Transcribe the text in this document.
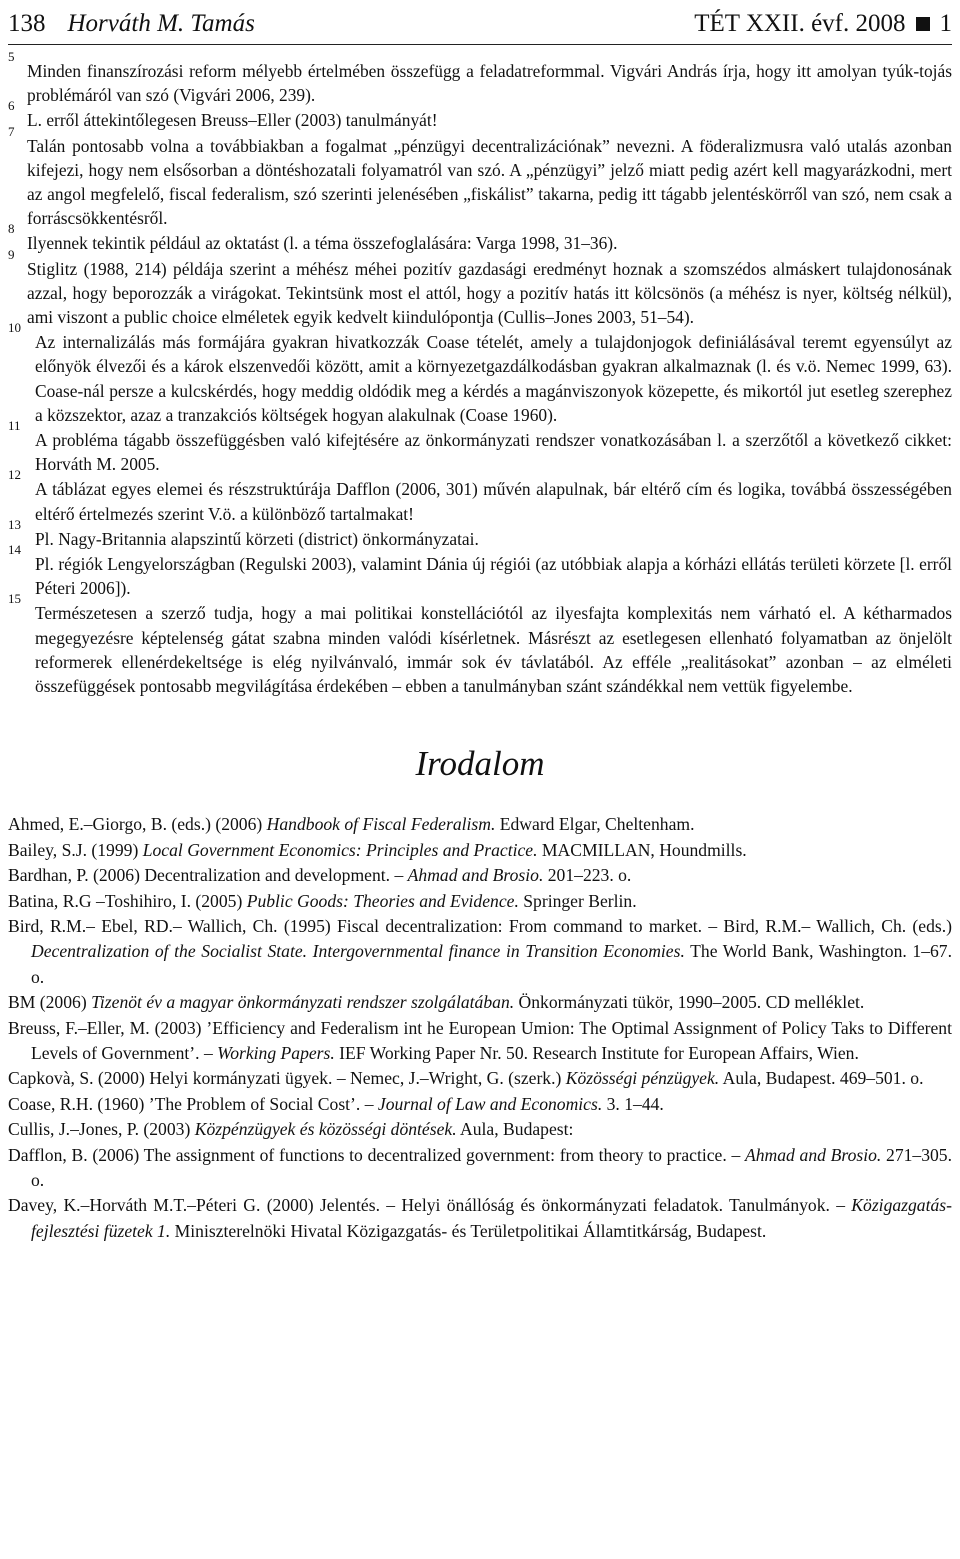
138 Horváth M. Tamás	TÉT XXII. évf. 2008 1
5
Minden finanszírozási reform mélyebb értelmében összefügg a feladatreformmal. Vigvári András írja, hogy itt amolyan tyúk-tojás problémáról van szó (Vigvári 2006, 239).
6
L. erről áttekintőlegesen Breuss–Eller (2003) tanulmányát!
7
Talán pontosabb volna a továbbiakban a fogalmat „pénzügyi decentralizációnak” nevezni. A föderalizmusra való utalás azonban kifejezi, hogy nem elsősorban a döntéshozatali folyamatról van szó. A „pénzügyi” jelző miatt pedig azért kell magyarázkodni, mert az angol megfelelő, fiscal federalism, szó szerinti jelenésében „fiskálist” takarna, pedig itt tágabb jelentéskörről van szó, nem csak a forráscsökkentésről.
8
Ilyennek tekintik például az oktatást (l. a téma összefoglalására: Varga 1998, 31–36).
9
Stiglitz (1988, 214) példája szerint a méhész méhei pozitív gazdasági eredményt hoznak a szomszédos almáskert tulajdonosának azzal, hogy beporozzák a virágokat. Tekintsünk most el attól, hogy a pozitív hatás itt kölcsönös (a méhész is nyer, költség nélkül), ami viszont a public choice elméletek egyik kedvelt kiindulópontja (Cullis–Jones 2003, 51–54).
10
Az internalizálás más formájára gyakran hivatkozzák Coase tételét, amely a tulajdonjogok definiálásával teremt egyensúlyt az előnyök élvezői és a károk elszenvedői között, amit a környezetgazdálkodásban gyakran alkalmaznak (l. és v.ö. Nemec 1999, 63). Coase-nál persze a kulcskérdés, hogy meddig oldódik meg a kérdés a magánviszonyok közepette, és mikortól jut esetleg szerephez a közszektor, azaz a tranzakciós költségek hogyan alakulnak (Coase 1960).
11
A probléma tágabb összefüggésben való kifejtésére az önkormányzati rendszer vonatkozásában l. a szerzőtől a következő cikket: Horváth M. 2005.
12
A táblázat egyes elemei és részstruktúrája Dafflon (2006, 301) művén alapulnak, bár eltérő cím és logika, továbbá összességében eltérő értelmezés szerint V.ö. a különböző tartalmakat!
13
Pl. Nagy-Britannia alapszintű körzeti (district) önkormányzatai.
14
Pl. régiók Lengyelországban (Regulski 2003), valamint Dánia új régiói (az utóbbiak alapja a kórházi ellátás területi körzete [l. erről Péteri 2006]).
15
Természetesen a szerző tudja, hogy a mai politikai konstellációtól az ilyesfajta komplexitás nem várható el. A kétharmados megegyezésre képtelenség gátat szabna minden valódi kísérletnek. Másrészt az esetlegesen ellenható folyamatban az önjelölt reformerek ellenérdekeltsége is elég nyilvánvaló, immár sok év távlatából. Az efféle „realitásokat” azonban – az elméleti összefüggések pontosabb megvilágítása érdekében – ebben a tanulmányban szánt szándékkal nem vettük figyelembe.
Irodalom

Ahmed, E.–Giorgo, B. (eds.) (2006) Handbook of Fiscal Federalism. Edward Elgar, Cheltenham.

Bailey, S.J. (1999) Local Government Economics: Principles and Practice. MACMILLAN, Houndmills.

Bardhan, P. (2006) Decentralization and development. – Ahmad and Brosio. 201–223. o.

Batina, R.G –Toshihiro, I. (2005) Public Goods: Theories and Evidence. Springer Berlin.

Bird, R.M.– Ebel, RD.– Wallich, Ch. (1995) Fiscal decentralization: From command to market. – Bird, R.M.– Wallich, Ch. (eds.) Decentralization of the Socialist State. Intergovernmental finance in Transition Economies. The World Bank, Washington. 1–67. o.

BM (2006) Tizenöt év a magyar önkormányzati rendszer szolgálatában. Önkormányzati tükör, 1990–2005. CD melléklet.

Breuss, F.–Eller, M. (2003) ’Efficiency and Federalism int he European Umion: The Optimal Assignment of Policy Taks to Different Levels of Government’. – Working Papers. IEF Working Paper Nr. 50. Research Institute for European Affairs, Wien.

Capkovà, S. (2000) Helyi kormányzati ügyek. – Nemec, J.–Wright, G. (szerk.) Közösségi pénzügyek. Aula, Budapest. 469–501. o.

Coase, R.H. (1960) ’The Problem of Social Cost’. – Journal of Law and Economics. 3. 1–44.

Cullis, J.–Jones, P. (2003) Közpénzügyek és közösségi döntések. Aula, Budapest:

Dafflon, B. (2006) The assignment of functions to decentralized government: from theory to practice. – Ahmad and Brosio. 271–305. o.

Davey, K.–Horváth M.T.–Péteri G. (2000) Jelentés. – Helyi önállóság és önkormányzati feladatok. Tanulmányok. – Közigazgatás-fejlesztési füzetek 1. Miniszterelnöki Hivatal Közigazgatás- és Területpolitikai Államtitkárság, Budapest.
